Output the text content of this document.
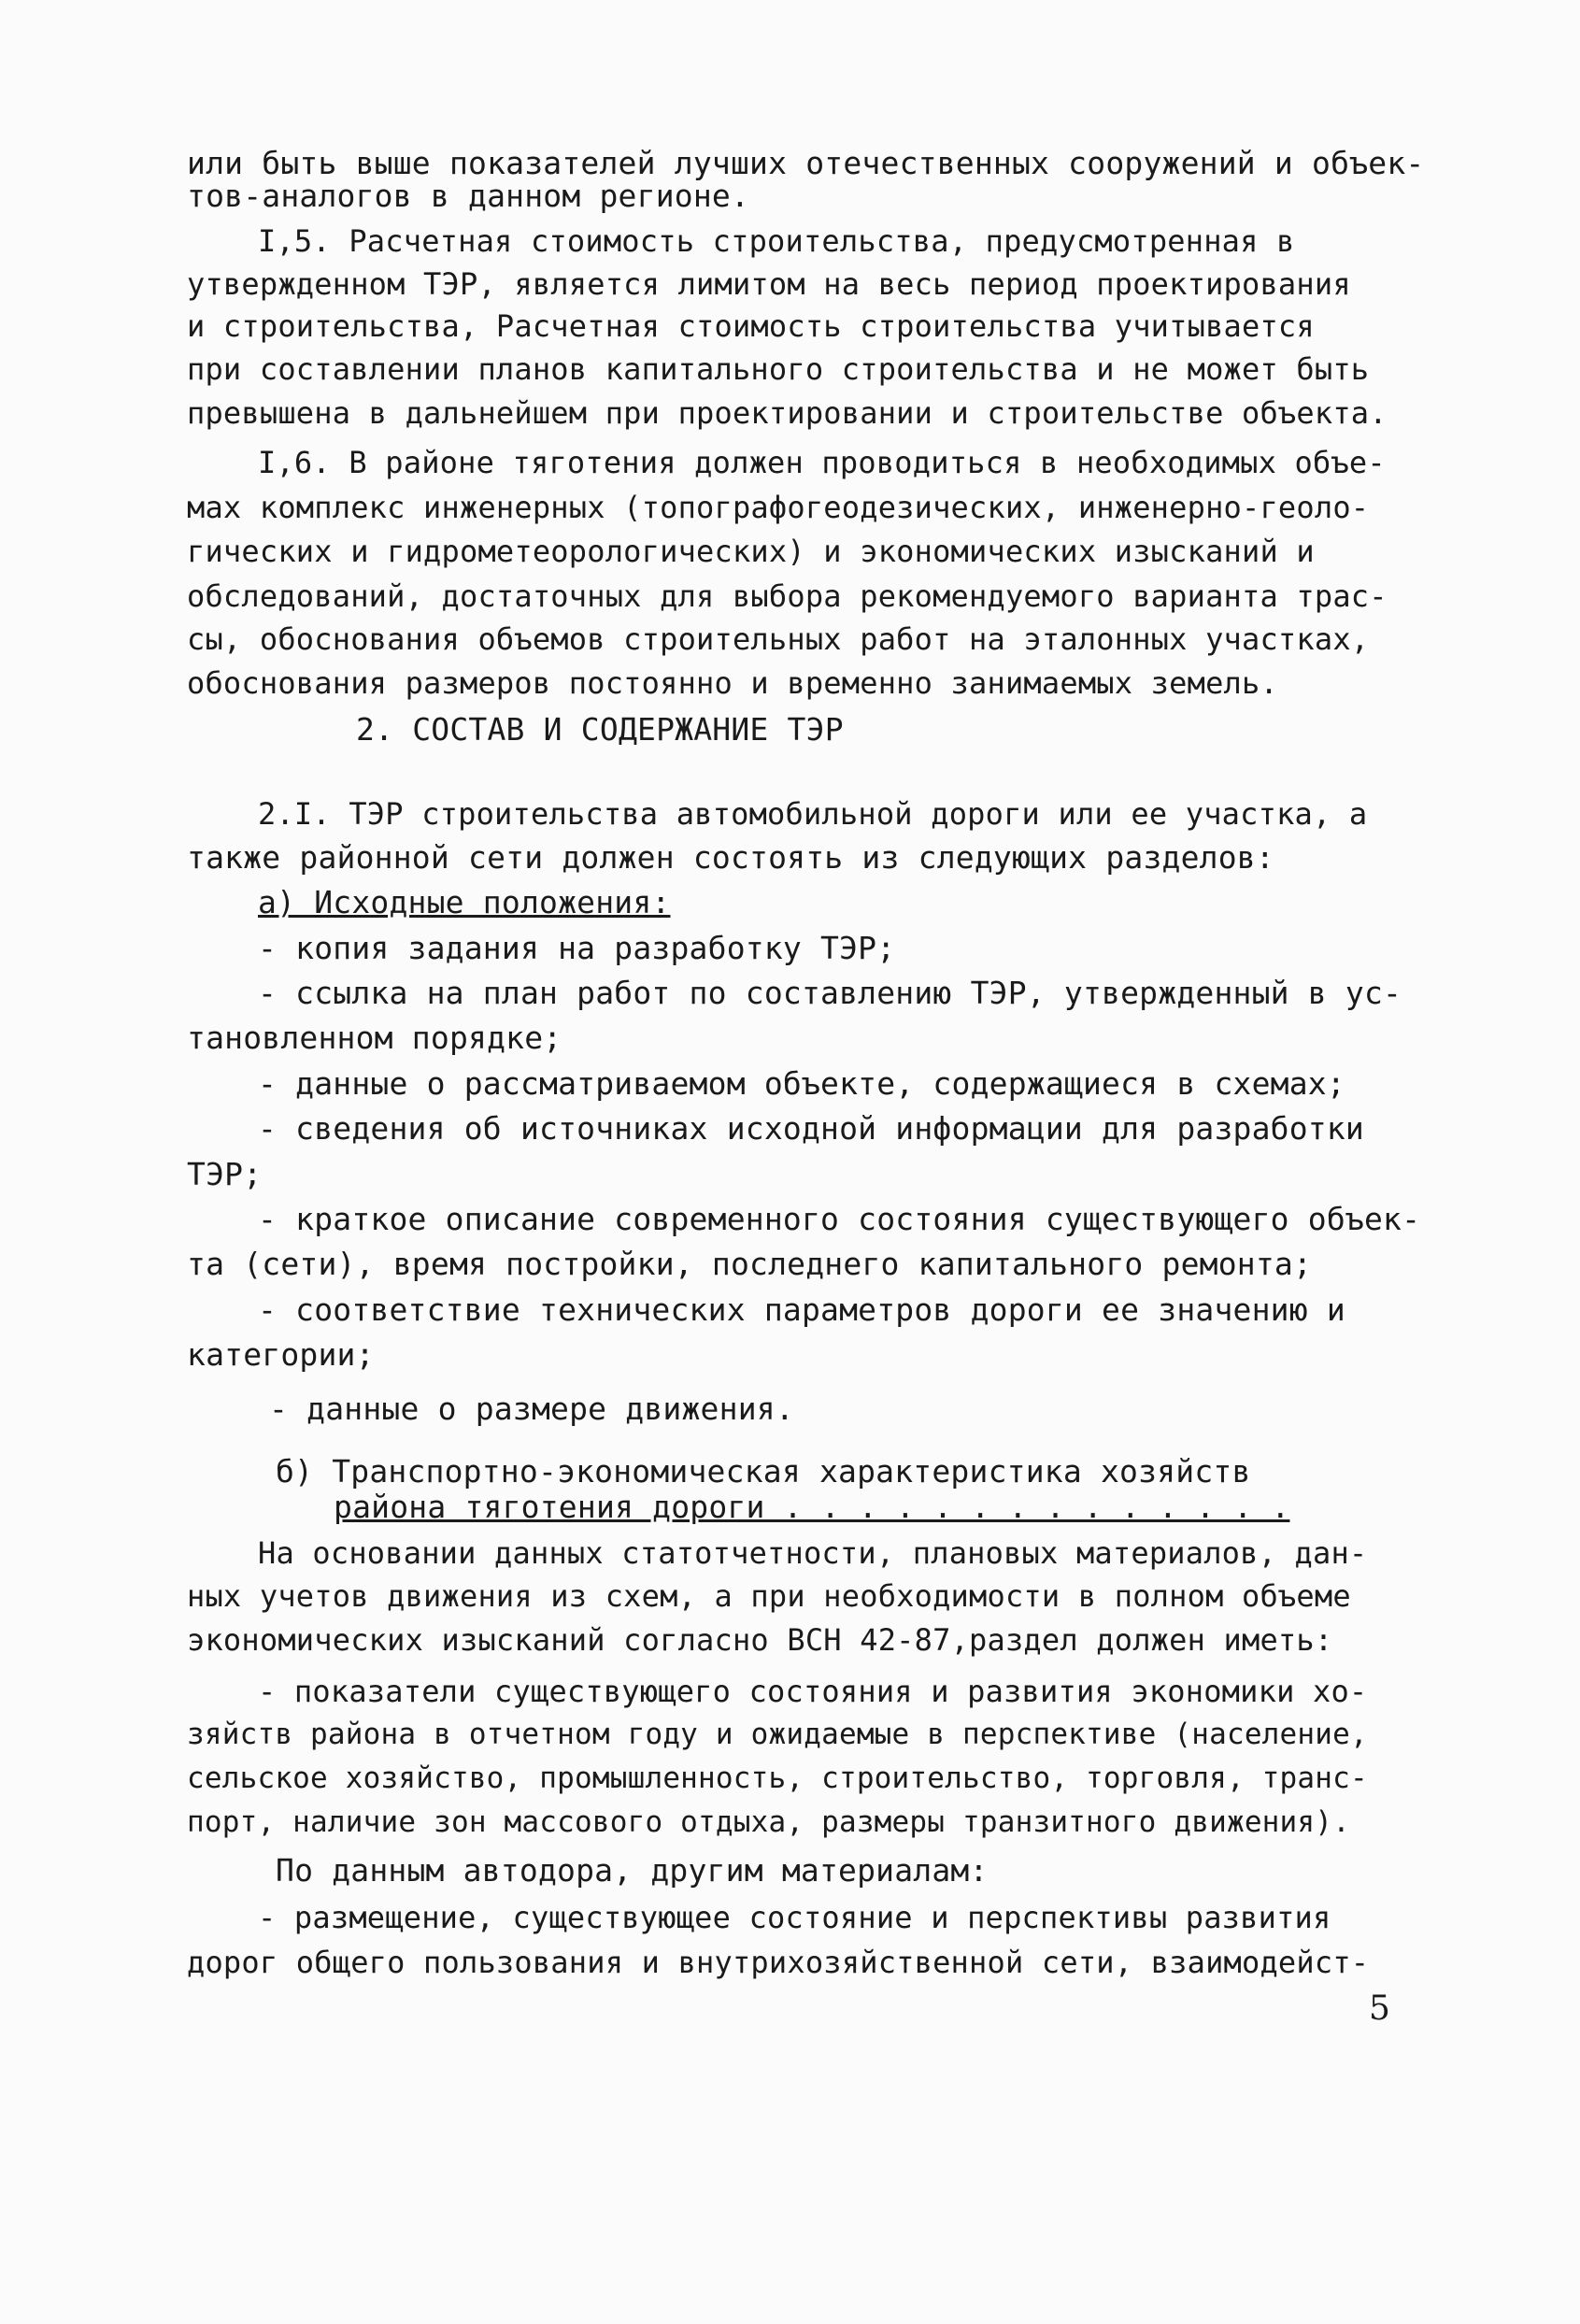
или быть выше показателей лучших отечественных сооружений и объек-
тов-аналогов в данном регионе.
I,5. Расчетная стоимость строительства, предусмотренная в
утвержденном ТЭР, является лимитом на весь период проектирования
и строительства, Расчетная стоимость строительства учитывается
при составлении планов капитального строительства и не может быть
превышена в дальнейшем при проектировании и строительстве объекта.
I,6. В районе тяготения должен проводиться в необходимых объе-
мах комплекс инженерных (топографогеодезических, инженерно-геоло-
гических и гидрометеорологических) и экономических изысканий и
обследований, достаточных для выбора рекомендуемого варианта трас-
сы, обоснования объемов строительных работ на эталонных участках,
обоснования размеров постоянно и временно занимаемых земель.
2. СОСТАВ И СОДЕРЖАНИЕ ТЭР
2.I. ТЭР строительства автомобильной дороги или ее участка, а
также районной сети должен состоять из следующих разделов:
а) Исходные положения:
- копия задания на разработку ТЭР;
- ссылка на план работ по составлению ТЭР, утвержденный в ус-
тановленном порядке;
- данные о рассматриваемом объекте, содержащиеся в схемах;
- сведения об источниках исходной информации для разработки
ТЭР;
- краткое описание современного состояния существующего объек-
та (сети), время постройки, последнего капитального ремонта;
- соответствие технических параметров дороги ее значению и
категории;
- данные о размере движения.
б) Транспортно-экономическая характеристика хозяйств
района тяготения дороги . . . . . . . . . . . . . .
На основании данных статотчетности, плановых материалов, дан-
ных учетов движения из схем, а при необходимости в полном объеме
экономических изысканий согласно ВСН 42-87,раздел должен иметь:
- показатели существующего состояния и развития экономики хо-
зяйств района в отчетном году и ожидаемые в перспективе (население,
сельское хозяйство, промышленность, строительство, торговля, транс-
порт, наличие зон массового отдыха, размеры транзитного движения).
По данным автодора, другим материалам:
- размещение, существующее состояние и перспективы развития
дорог общего пользования и внутрихозяйственной сети, взаимодейст-
5
